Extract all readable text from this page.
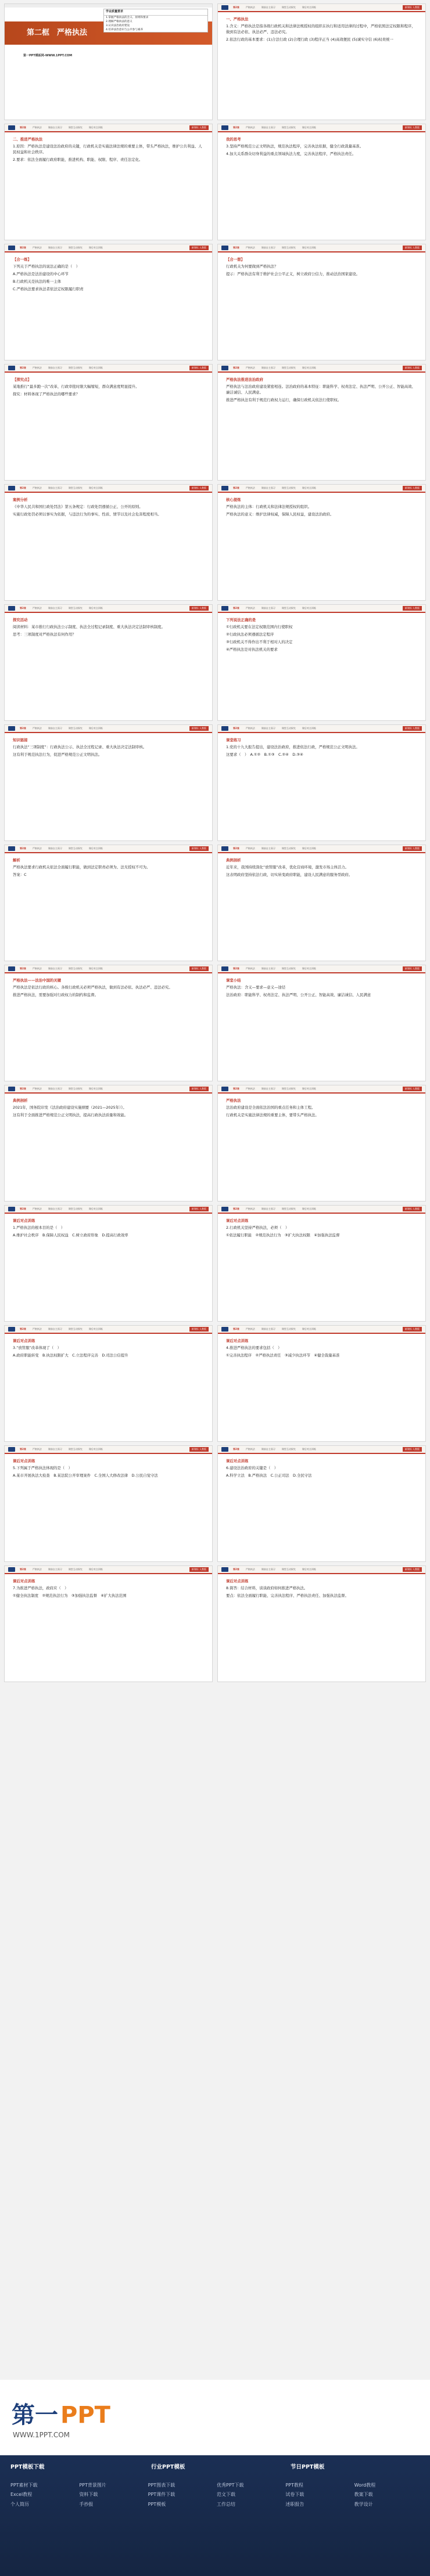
第二框　严格执法
学业质量要求
1.掌握严格执法的含义、原则和要求
2.理解严格执法的意义
3.认识法治政府建设
4.培养法治意识与公共参与素养
第一PPT模板网-WWW.1PPT.COM
第2课	严格执法	课前自主预习	课堂互动探究	课后对点训练	新课标 人教版
一、严格执法

1.含义：严格执法是指各级行政机关和法律法规授权的组织在执行和适用法律的过程中，严格依照法定权限和程序，做到有法必依、执法必严、违法必究。

2.依法行政的基本要求：(1)合法行政 (2)合理行政 (3)程序正当 (4)高效便民 (5)诚实守信 (6)权责统一

第2课	严格执法	课前自主预习	课堂互动探究	课后对点训练	新课标 人教版
二、推进严格执法

1.原因：严格执法是建设法治政府的关键，行政机关是实施法律法规的重要主体，带头严格执法，维护公共利益、人民权益和社会秩序。

2.要求：依法全面履行政府职能，推进机构、职能、权限、程序、责任法定化。

第2课	严格执法	课前自主预习	课堂互动探究	课后对点训练	新课标 人教版
我的思考

3.坚持严格规范公正文明执法，规范执法程序，完善执法依据，健全行政裁量基准。

4.加大关系群众切身利益的重点领域执法力度，完善执法程序，严格执法责任。

第2课	严格执法	课前自主预习	课堂互动探究	课后对点训练	新课标 人教版
【合一练】

下列关于严格执法的说法正确的是（　）

A.严格执法是法治建设的中心环节

B.行政机关是执法的唯一主体

C.严格执法要求执法者依法定权限履行职责

第2课	严格执法	课前自主预习	课堂互动探究	课后对点训练	新课标 人教版
【合一想】

行政机关为何要做到严格执法？

提示：严格执法有利于维护社会公平正义，树立政府公信力，推动法治国家建设。

第2课	严格执法	课前自主预习	课堂互动探究	课后对点训练	新课标 人教版
【探究点】

某地推行“最多跑一次”改革，行政审批时限大幅缩短，群众满意度明显提升。

探究：材料体现了严格执法的哪些要求？

第2课	严格执法	课前自主预习	课堂互动探究	课后对点训练	新课标 人教版
严格执法推进法治政府

严格执法与法治政府建设紧密相连。法治政府的基本特征：职能科学、权责法定、执法严明、公开公正、智能高效、廉洁诚信、人民满意。

推进严格执法有利于规范行政权力运行，确保行政机关依法行使职权。

第2课	严格执法	课前自主预习	课堂互动探究	课后对点训练	新课标 人教版
案例分析

《中华人民共和国行政处罚法》第五条规定：行政处罚遵循公正、公开的原则。

实施行政处罚必须以事实为依据，与违法行为的事实、性质、情节以及社会危害程度相当。

第2课	严格执法	课前自主预习	课堂互动探究	课后对点训练	新课标 人教版
核心提炼

严格执法的主体：行政机关和法律法规授权的组织。

严格执法的意义：维护法律权威，保障人民权益，建设法治政府。

第2课	严格执法	课前自主预习	课堂互动探究	课后对点训练	新课标 人教版
探究活动

阅读材料：某市推行行政执法公示制度、执法全过程记录制度、重大执法决定法制审核制度。

思考：三项制度对严格执法有何作用？

第2课	严格执法	课前自主预习	课堂互动探究	课后对点训练	新课标 人教版
下列说法正确的是

①行政机关要在法定权限范围内行使职权

②行政执法必须遵循法定程序

③行政机关不得作出不利于相对人的决定

④严格执法是对执法机关的要求

第2课	严格执法	课前自主预习	课堂互动探究	课后对点训练	新课标 人教版
知识链接

行政执法“三项制度”：行政执法公示、执法全过程记录、重大执法决定法制审核。

这有利于规范执法行为，促进严格规范公正文明执法。

第2课	严格执法	课前自主预习	课堂互动探究	课后对点训练	新课标 人教版
课堂练习

1.党的十九大报告提出，建设法治政府，推进依法行政，严格规范公正文明执法。

这要求（　）　A.①②　B.①③　C.②④　D.③④

第2课	严格执法	课前自主预习	课堂互动探究	课后对点训练	新课标 人教版
解析

严格执法要求行政机关依法全面履行职能，做到法定职责必须为、法无授权不可为。

答案：C

第2课	严格执法	课前自主预习	课堂互动探究	课后对点训练	新课标 人教版
典例剖析

近年来，我国持续深化“放管服”改革，优化营商环境，激发市场主体活力。

这表明政府坚持依法行政，切实转变政府职能，建设人民满意的服务型政府。

第2课	严格执法	课前自主预习	课堂互动探究	课后对点训练	新课标 人教版
严格执法——法治中国的关键

严格执法是依法行政的核心。各级行政机关必须严格执法，做到有法必依、执法必严、违法必究。

推进严格执法，需要加强对行政权力的制约和监督。

第2课	严格执法	课前自主预习	课堂互动探究	课后对点训练	新课标 人教版
课堂小结

严格执法：含义—要求—意义—途径

法治政府：职能科学、权责法定、执法严明、公开公正、智能高效、廉洁诚信、人民满意

第2课	严格执法	课前自主预习	课堂互动探究	课后对点训练	新课标 人教版
典例剖析

2021年，国务院印发《法治政府建设实施纲要（2021—2025年）》。

这有利于全面推进严格规范公正文明执法，提高行政执法质量和效能。

第2课	严格执法	课前自主预习	课堂互动探究	课后对点训练	新课标 人教版
严格执法

法治政府建设是全面依法治国的重点任务和主体工程。

行政机关是实施法律法规的重要主体，要带头严格执法。

第2课	严格执法	课前自主预习	课堂互动探究	课后对点训练	新课标 人教版
课后对点训练

1.严格执法的根本目的是（　）

A.维护社会秩序　B.保障人民权益　C.树立政府形象　D.提高行政效率

第2课	严格执法	课前自主预习	课堂互动探究	课后对点训练	新课标 人教版
课后对点训练

2.行政机关坚持严格执法，必须（　）

①依法履行职能　②规范执法行为　③扩大执法权限　④加强执法监督

第2课	严格执法	课前自主预习	课堂互动探究	课后对点训练	新课标 人教版
课后对点训练

3.“放管服”改革体现了（　）

A.政府职能转变　B.执法权限扩大　C.立法程序完善　D.司法公信提升

第2课	严格执法	课前自主预习	课堂互动探究	课后对点训练	新课标 人教版
课后对点训练

4.推进严格执法的要求包括（　）

①完善执法程序　②严格执法责任　③减少执法环节　④健全裁量基准

第2课	严格执法	课前自主预习	课堂互动探究	课后对点训练	新课标 人教版
课后对点训练

5.下列属于严格执法体现的是（　）

A.某市开展执法大检查　B.某法院公开审理案件　C.全国人大修改法律　D.公民自觉守法

第2课	严格执法	课前自主预习	课堂互动探究	课后对点训练	新课标 人教版
课后对点训练

6.建设法治政府的关键是（　）

A.科学立法　B.严格执法　C.公正司法　D.全民守法

第2课	严格执法	课前自主预习	课堂互动探究	课后对点训练	新课标 人教版
课后对点训练

7.为推进严格执法，政府应（　）

①健全执法制度　②规范执法行为　③加强执法监督　④扩大执法范围

第2课	严格执法	课前自主预习	课堂互动探究	课后对点训练	新课标 人教版
课后对点训练

8.简答：结合材料，谈谈政府如何推进严格执法。

要点：依法全面履行职能、完善执法程序、严格执法责任、加强执法监督。

第一 PPT
WWW.1PPT.COM
PPT模板下载	行业PPT模板	节日PPT模板
PPT素材下载	PPT背景图片	PPT图表下载	优秀PPT下载	PPT教程	Word教程
Excel教程	资料下载	PPT课件下载	范文下载	试卷下载	教案下载
个人简历	手抄报	PPT模板	工作总结	述职报告	教学设计
